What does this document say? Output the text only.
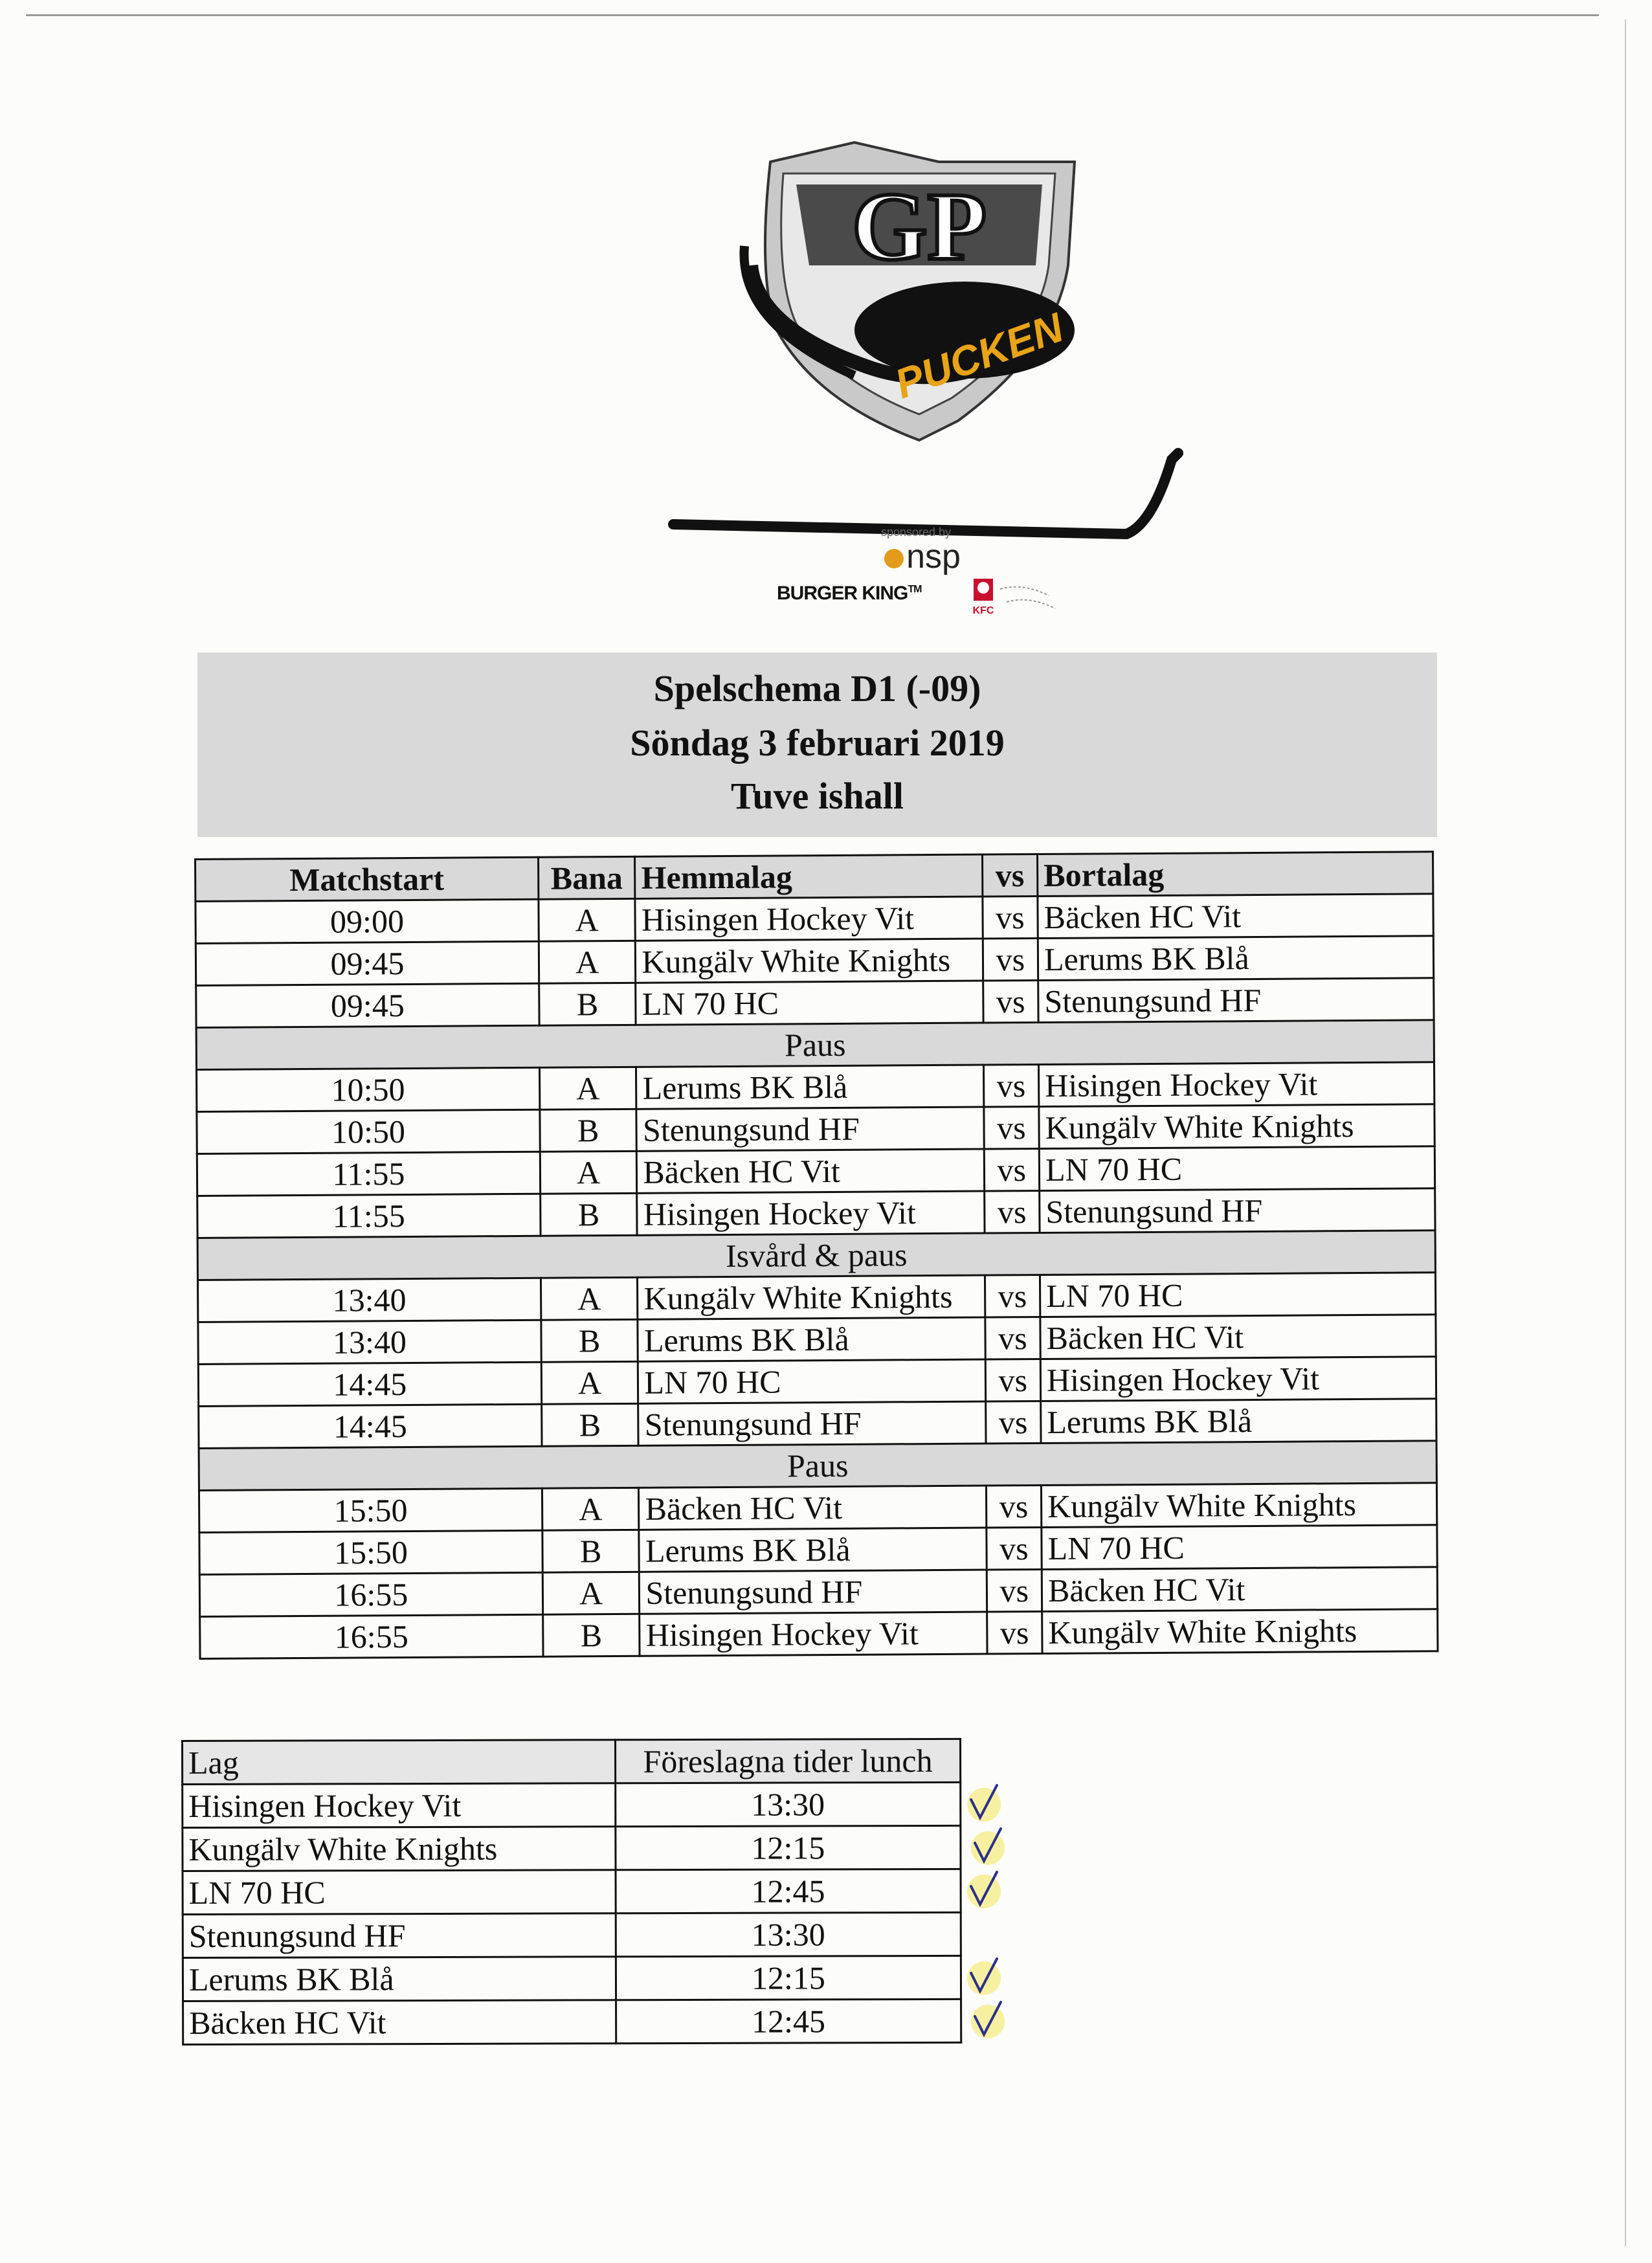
GP
PUCKEN
sponsored by
nsp
BURGER KING™
KFC
Spelschema D1 (-09)
Söndag 3 februari 2019
Tuve ishall
Matchstart	Bana	Hemmalag	vs	Bortalag
09:00	A	Hisingen Hockey Vit	vs	Bäcken HC Vit
09:45	A	Kungälv White Knights	vs	Lerums BK Blå
09:45	B	LN 70 HC	vs	Stenungsund HF
Paus				
10:50	A	Lerums BK Blå	vs	Hisingen Hockey Vit
10:50	B	Stenungsund HF	vs	Kungälv White Knights
11:55	A	Bäcken HC Vit	vs	LN 70 HC
11:55	B	Hisingen Hockey Vit	vs	Stenungsund HF
Isvård & paus				
13:40	A	Kungälv White Knights	vs	LN 70 HC
13:40	B	Lerums BK Blå	vs	Bäcken HC Vit
14:45	A	LN 70 HC	vs	Hisingen Hockey Vit
14:45	B	Stenungsund HF	vs	Lerums BK Blå
Paus				
15:50	A	Bäcken HC Vit	vs	Kungälv White Knights
15:50	B	Lerums BK Blå	vs	LN 70 HC
16:55	A	Stenungsund HF	vs	Bäcken HC Vit
16:55	B	Hisingen Hockey Vit	vs	Kungälv White Knights
Lag	Föreslagna tider lunch
Hisingen Hockey Vit	13:30
Kungälv White Knights	12:15
LN 70 HC	12:45
Stenungsund HF	13:30
Lerums BK Blå	12:15
Bäcken HC Vit	12:45
